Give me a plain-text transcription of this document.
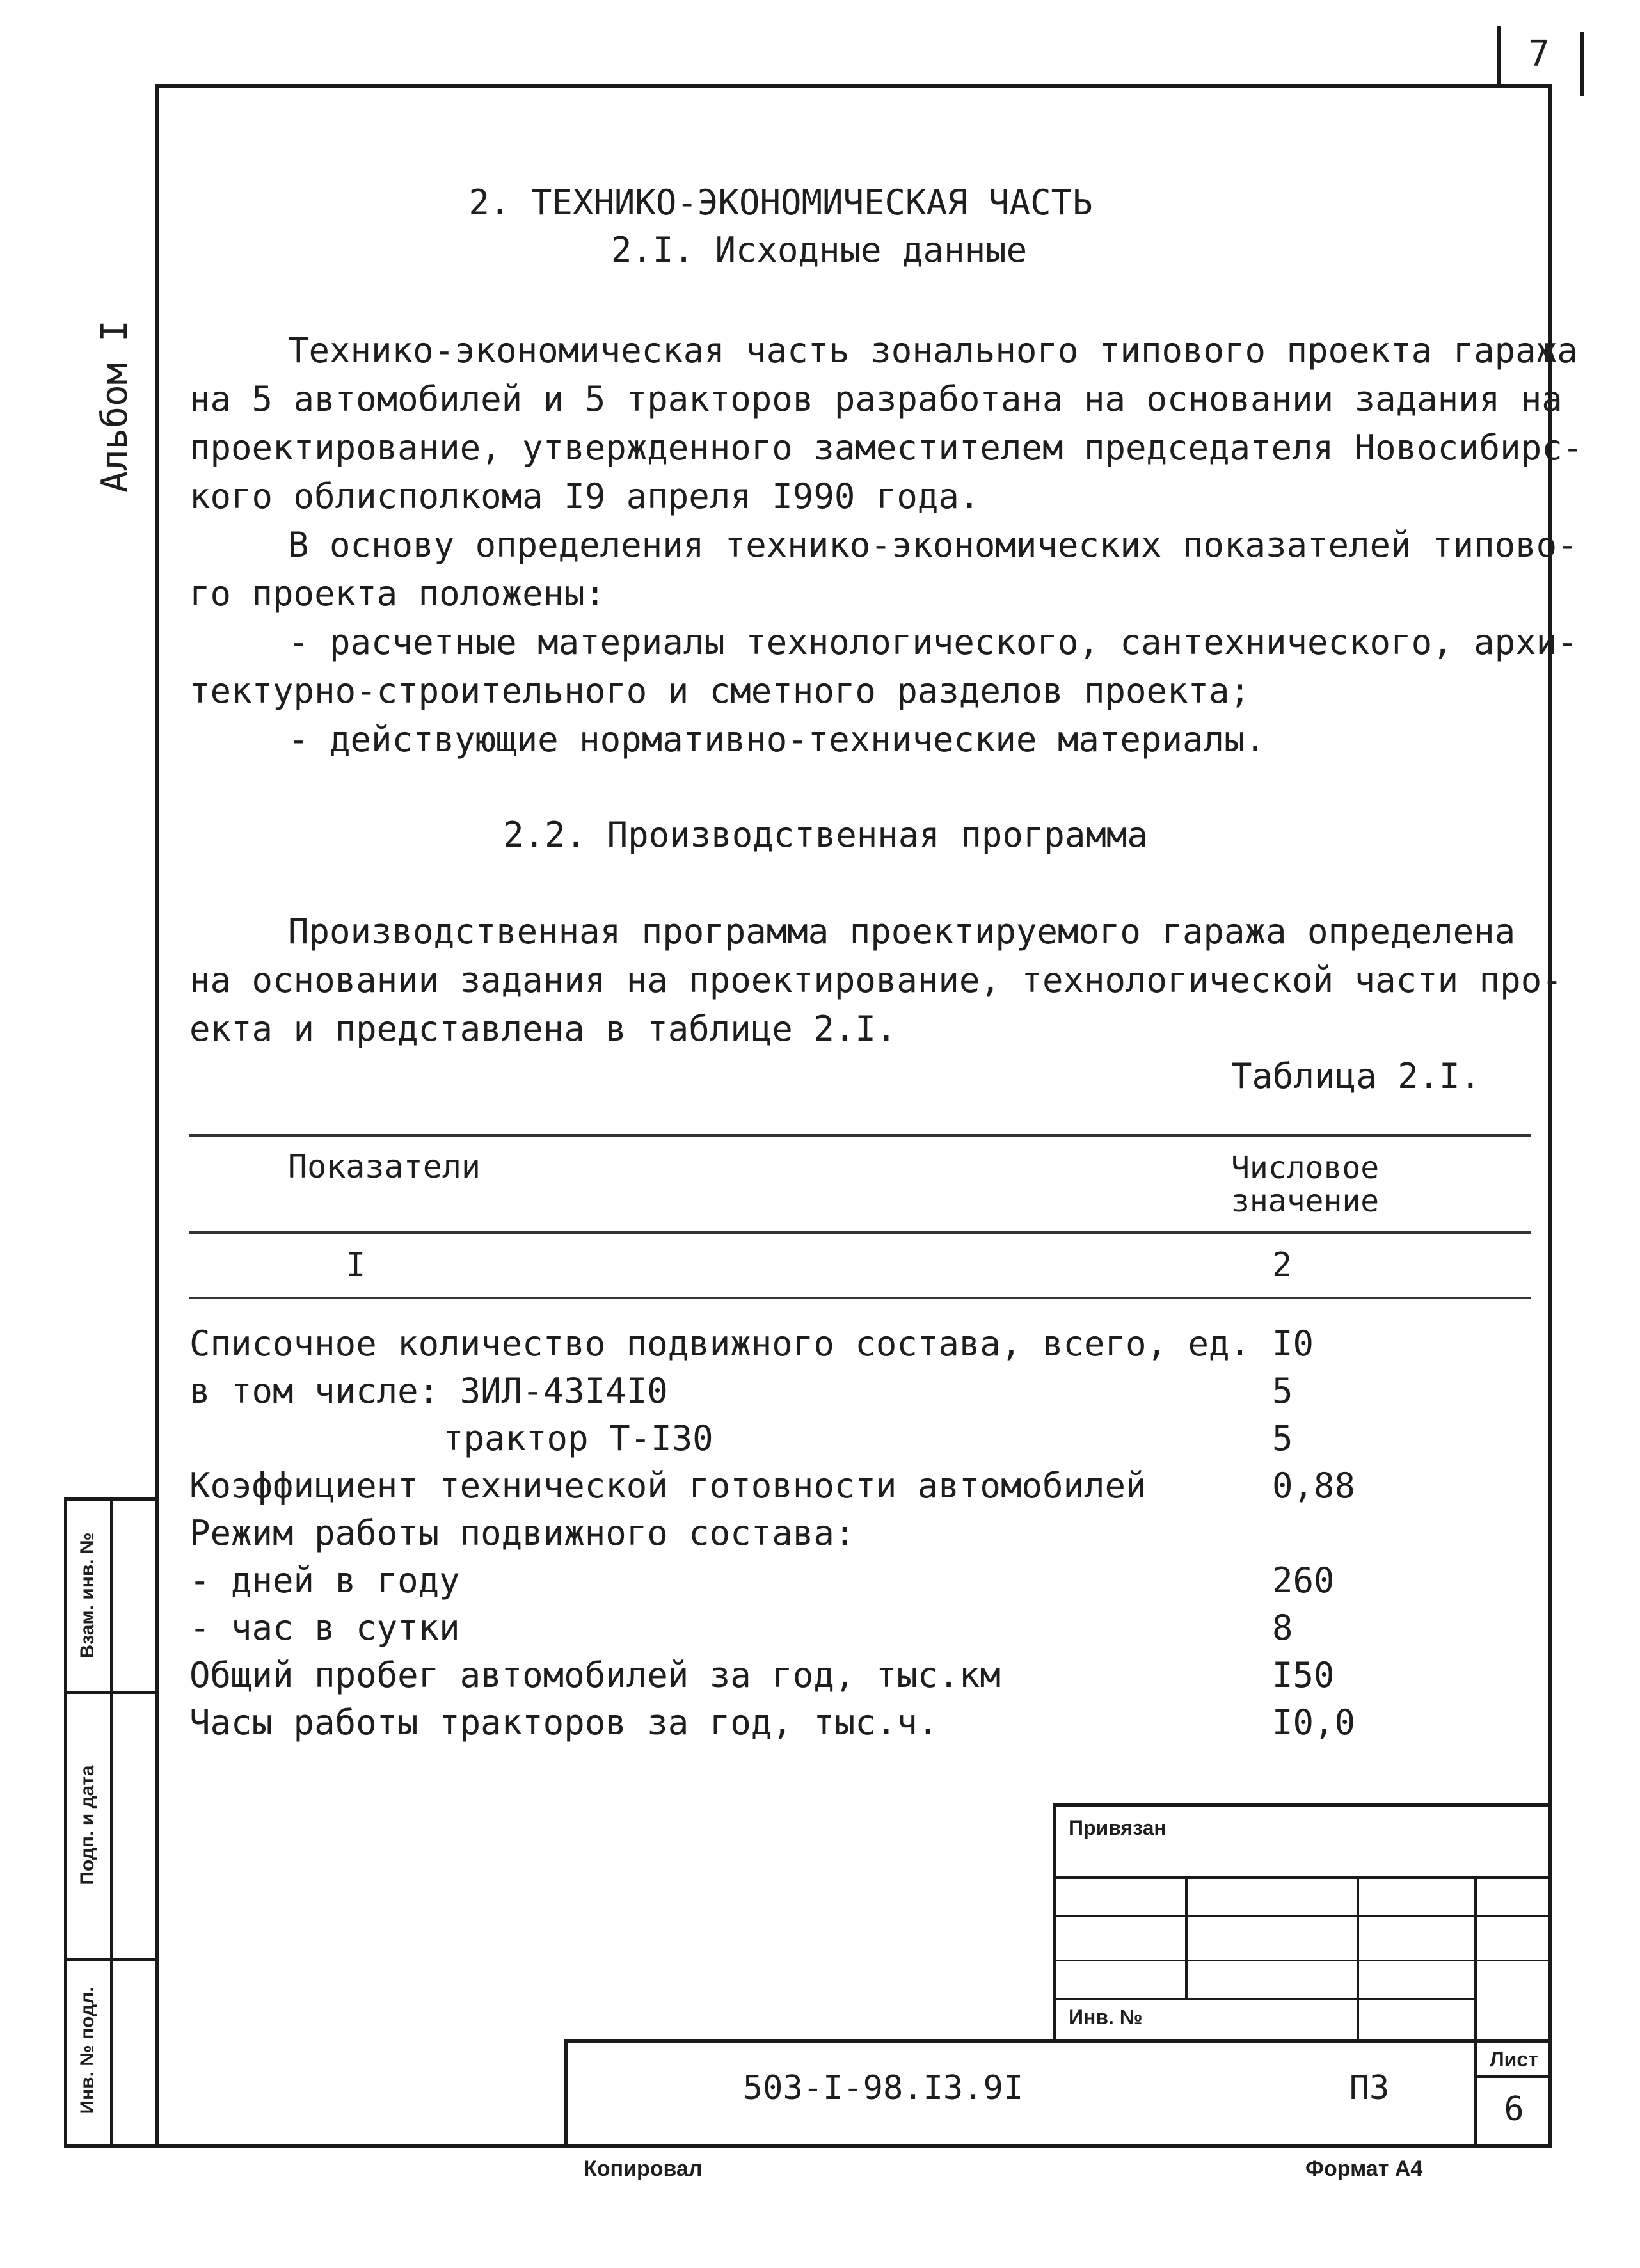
7
Альбом I
Взам. инв. №
Подп. и дата
Инв. № подл.
2. ТЕХНИКО-ЭКОНОМИЧЕСКАЯ ЧАСТЬ
2.I. Исходные данные
Технико-экономическая часть зонального типового проекта гаража
на 5 автомобилей и 5 тракторов разработана на основании задания на
проектирование, утвержденного заместителем председателя Новосибирс-
кого облисполкома I9 апреля I990 года.
В основу определения технико-экономических показателей типово-
го проекта положены:
- расчетные материалы технологического, сантехнического, архи-
тектурно-строительного и сметного разделов проекта;
- действующие нормативно-технические материалы.
2.2. Производственная программа
Производственная программа проектируемого гаража определена
на основании задания на проектирование, технологической части про-
екта и представлена в таблице 2.I.
Таблица 2.I.
Показатели	Числовое
значение
I	2
Списочное количество подвижного состава, всего, ед. I0
в том числе: ЗИЛ-43I4I0	5
трактор Т-I30	5
Коэффициент технической готовности автомобилей	0,88
Режим работы подвижного состава:
- дней в году	260
- час в сутки	8
Общий пробег автомобилей за год, тыс.км	I50
Часы работы тракторов за год, тыс.ч.	I0,0
Привязан
Инв. №
503-I-98.I3.9I	ПЗ
Лист
6
Копировал	Формат А4
